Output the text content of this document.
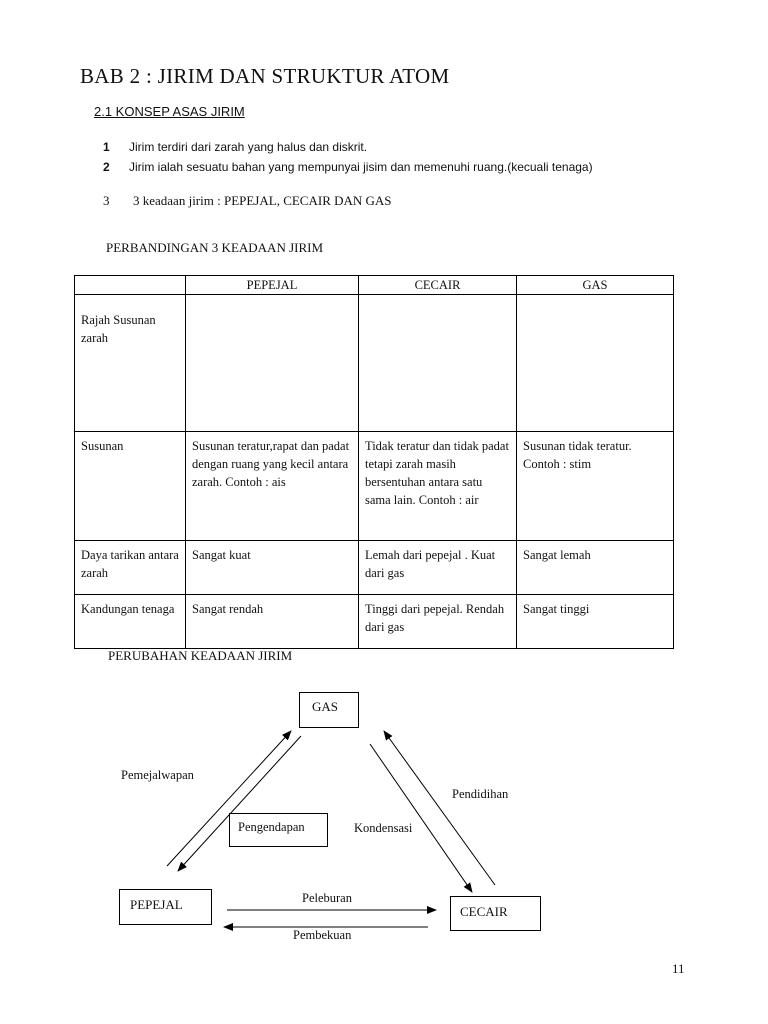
BAB 2 : JIRIM DAN STRUKTUR ATOM
2.1 KONSEP ASAS JIRIM
1 Jirim terdiri dari zarah yang halus dan diskrit.
2 Jirim ialah sesuatu bahan yang mempunyai jisim dan memenuhi ruang.(kecuali tenaga)
3 3 keadaan jirim : PEPEJAL, CECAIR DAN GAS
PERBANDINGAN 3 KEADAAN JIRIM
	PEPEJAL	CECAIR	GAS
Rajah Susunan zarah			
Susunan	Susunan teratur,rapat dan padat dengan ruang yang kecil antara zarah. Contoh : ais	Tidak teratur dan tidak padat tetapi zarah masih bersentuhan antara satu sama lain. Contoh : air	Susunan tidak teratur. Contoh : stim
Daya tarikan antara zarah	Sangat kuat	Lemah dari pepejal . Kuat dari gas	Sangat lemah
Kandungan tenaga	Sangat rendah	Tinggi dari pepejal. Rendah dari gas	Sangat tinggi
PERUBAHAN KEADAAN JIRIM
GAS
Pengendapan
PEPEJAL	CECAIR
Pemejalwapan
Kondensasi
Pendidihan
Peleburan
Pembekuan
11
